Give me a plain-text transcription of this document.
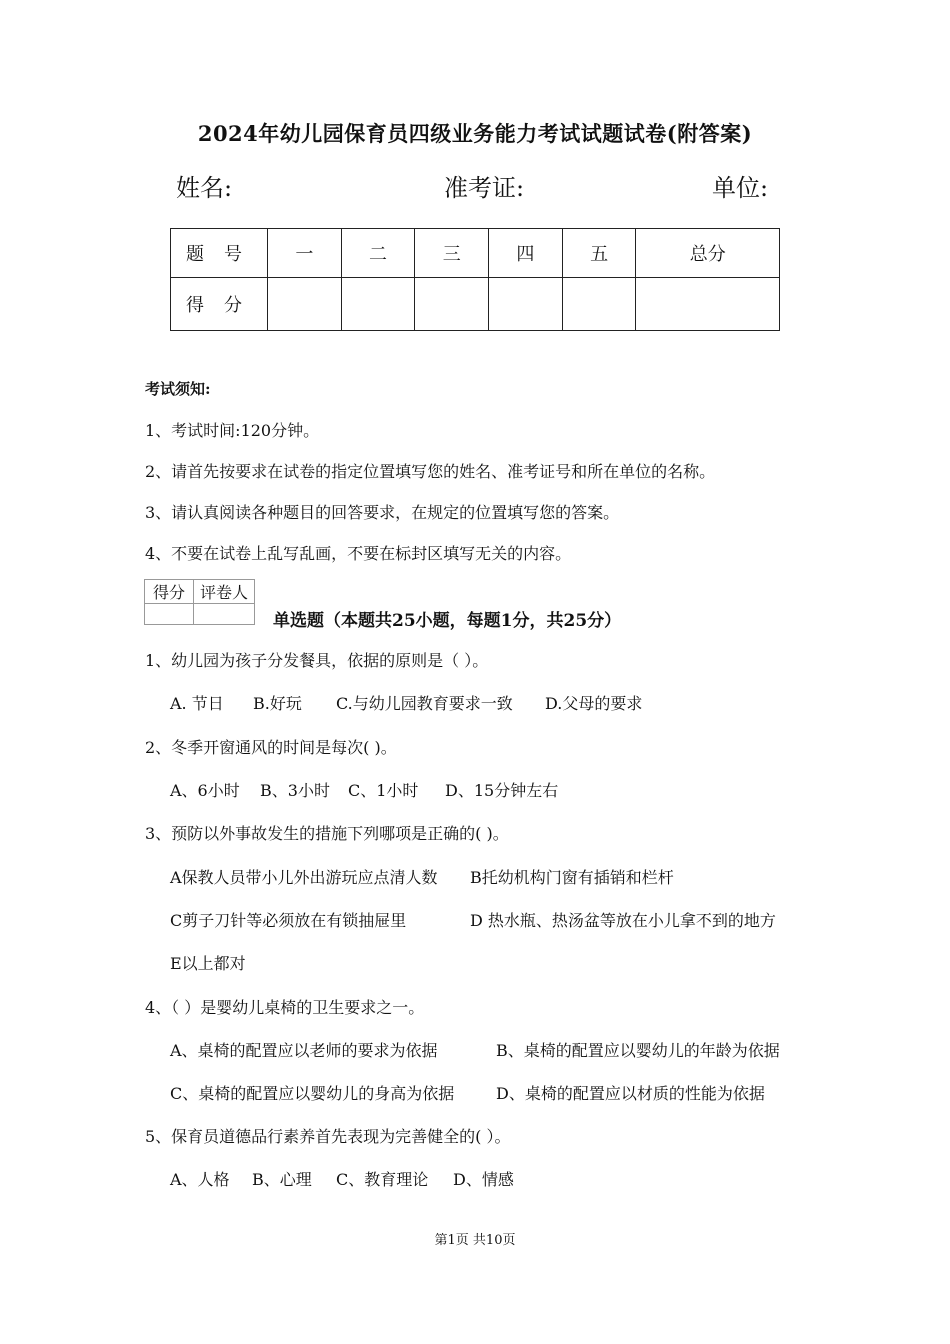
2024年幼儿园保育员四级业务能力考试试题试卷(附答案)
姓名:	准考证:	单位:
题号	一	二	三	四	五	总分
得分						
考试须知:
1、考试时间:120分钟。
2、请首先按要求在试卷的指定位置填写您的姓名、准考证号和所在单位的名称。
3、请认真阅读各种题目的回答要求，在规定的位置填写您的答案。
4、不要在试卷上乱写乱画，不要在标封区填写无关的内容。
得分	评卷人

单选题（本题共25小题，每题1分，共25分）
1、幼儿园为孩子分发餐具，依据的原则是（ ）。
A. 节日 B.好玩 C.与幼儿园教育要求一致 D.父母的要求
2、冬季开窗通风的时间是每次( )。
A、6小时 B、3小时 C、1小时 D、15分钟左右
3、预防以外事故发生的措施下列哪项是正确的( )。
A保教人员带小儿外出游玩应点清人数 B托幼机构门窗有插销和栏杆
C剪子刀针等必须放在有锁抽屉里	D 热水瓶、热汤盆等放在小儿拿不到的地方
E以上都对
4、（ ）是婴幼儿桌椅的卫生要求之一。
A、桌椅的配置应以老师的要求为依据	B、桌椅的配置应以婴幼儿的年龄为依据
C、桌椅的配置应以婴幼儿的身高为依据	D、桌椅的配置应以材质的性能为依据
5、保育员道德品行素养首先表现为完善健全的( ）。
A、人格 B、心理 C、教育理论 D、情感
第1页 共10页
